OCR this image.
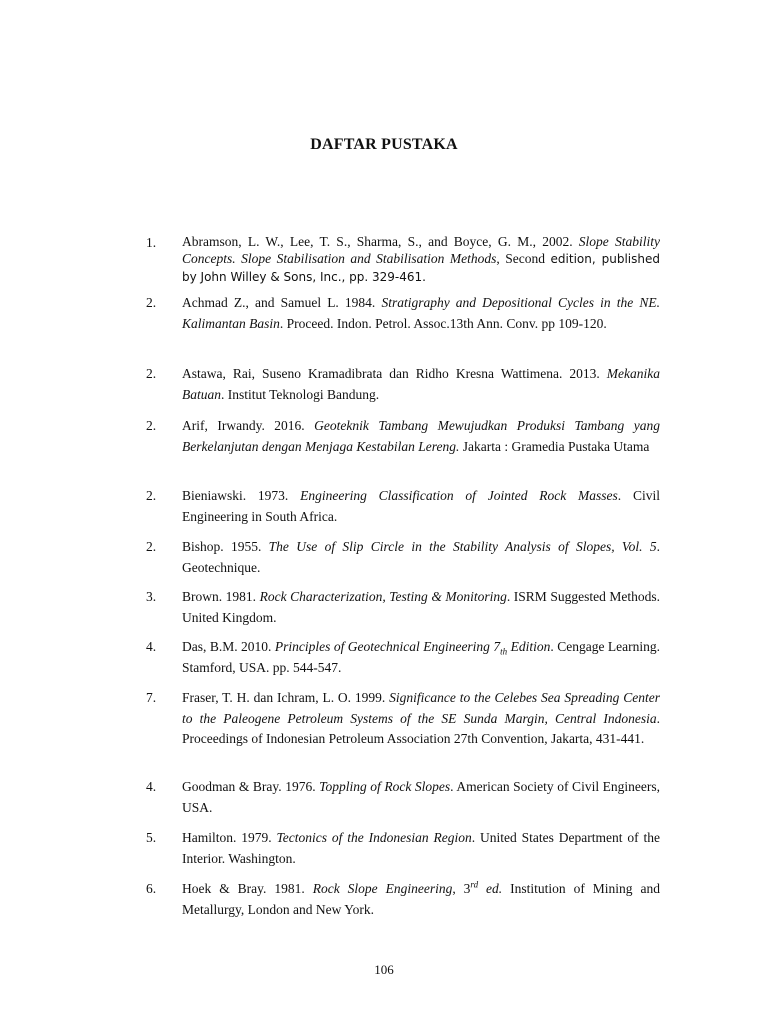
DAFTAR PUSTAKA
1. Abramson, L. W., Lee, T. S., Sharma, S., and Boyce, G. M., 2002. Slope Stability Concepts. Slope Stabilisation and Stabilisation Methods, Second edition, published by John Willey & Sons, Inc., pp. 329-461.
2. Achmad Z., and Samuel L. 1984. Stratigraphy and Depositional Cycles in the NE. Kalimantan Basin. Proceed. Indon. Petrol. Assoc.13th Ann. Conv. pp 109-120.
2. Astawa, Rai, Suseno Kramadibrata dan Ridho Kresna Wattimena. 2013. Mekanika Batuan. Institut Teknologi Bandung.
2. Arif, Irwandy. 2016. Geoteknik Tambang Mewujudkan Produksi Tambang yang Berkelanjutan dengan Menjaga Kestabilan Lereng. Jakarta : Gramedia Pustaka Utama
2. Bieniawski. 1973. Engineering Classification of Jointed Rock Masses. Civil Engineering in South Africa.
2. Bishop. 1955. The Use of Slip Circle in the Stability Analysis of Slopes, Vol. 5. Geotechnique.
3. Brown. 1981. Rock Characterization, Testing & Monitoring. ISRM Suggested Methods. United Kingdom.
4. Das, B.M. 2010. Principles of Geotechnical Engineering $7_{th}$ Edition. Cengage Learning. Stamford, USA. pp. 544-547.
7. Fraser, T. H. dan Ichram, L. O. 1999. Significance to the Celebes Sea Spreading Center to the Paleogene Petroleum Systems of the SE Sunda Margin, Central Indonesia. Proceedings of Indonesian Petroleum Association 27th Convention, Jakarta, 431-441.
4. Goodman & Bray. 1976. Toppling of Rock Slopes. American Society of Civil Engineers, USA.
5. Hamilton. 1979. Tectonics of the Indonesian Region. United States Department of the Interior. Washington.
6. Hoek & Bray. 1981. Rock Slope Engineering, 3rd ed. Institution of Mining and Metallurgy, London and New York.
106
